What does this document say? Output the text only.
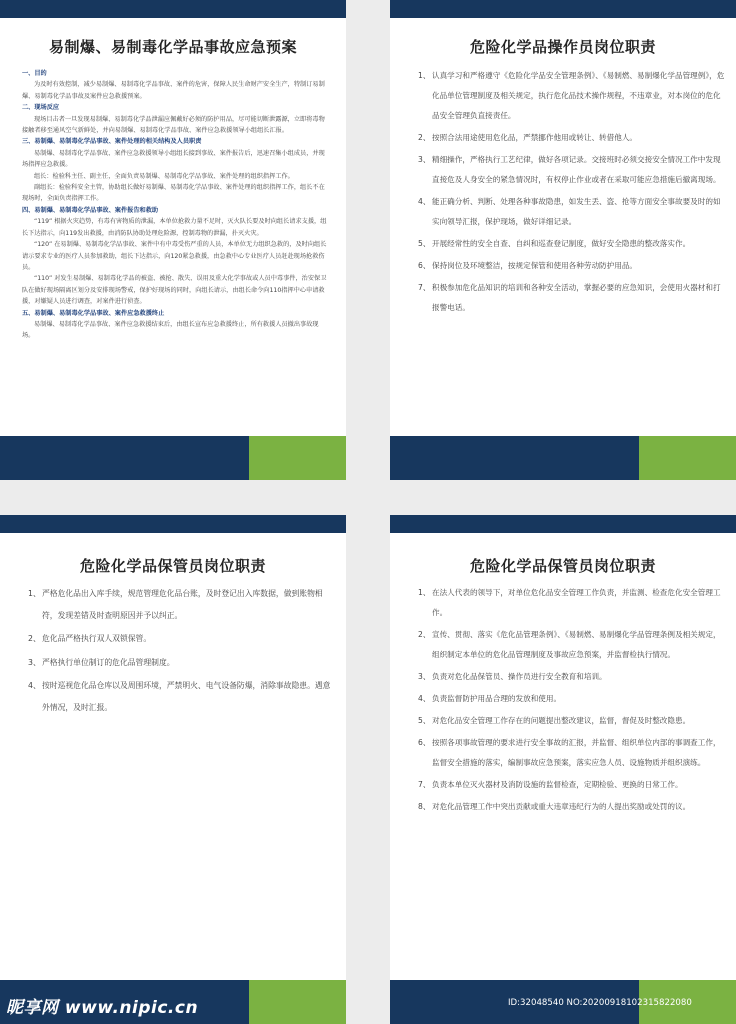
易制爆、易制毒化学品事故应急预案
一、目的
为及时有效控制，减少易制爆、易制毒化学品事故、案件的危害，保障人民生命财产安全生产，特制订易制爆、易制毒化学品事故及案件应急救援预案。
二、现场反应
现场目击者一旦发现易制爆、易制毒化学品泄漏应佩戴好必须的防护用品，尽可能切断泄露源，立即将毒物接触者移至通风空气新鲜处，并向易制爆、易制毒化学品事故、案件应急救援领导小组组长汇报。
三、易制爆、易制毒化学品事故、案件处理的相关结构及人员职责
易制爆、易制毒化学品事故、案件应急救援领导小组组长接到事故、案件报告后，迅速召集小组成员，并现场指挥应急救援。
组长：检验科主任、副主任，全面负责易制爆、易制毒化学品事故、案件处理的组织指挥工作。
副组长：检验科安全主管，协助组长做好易制爆、易制毒化学品事故、案件处理的组织指挥工作，组长不在现场时，全面负责指挥工作。
四、易制爆、易制毒化学品事故、案件报告和救助
“119” 根据火灾趋势，有毒有害物质的泄漏，本单位抢救力量不足时，灭火队长要及时向组长请求支援，组长下达指示，向119发出救援，由消防队协助处理危险源，控制毒物的泄漏，扑灭火灾。
“120” 在易制爆、易制毒化学品事故、案件中有中毒受伤严重的人员，本单位无力组织急救的，及时向组长请示要求专业的医疗人员参加救助，组长下达指示，向120紧急救援，由急救中心专业医疗人员赶赴现场抢救伤员。
“110” 对发生易制爆、易制毒化学品的被盗、被抢、散失、误用及重大化学事故或人员中毒事件，治安保卫队在做好现场隔离区划分及安排现场警戒，保护好现场的同时，向组长请示，由组长命令向110指挥中心申请救援，对嫌疑人员进行调查，对案件进行侦查。
五、易制爆、易制毒化学品事故、案件应急救援终止
易制爆、易制毒化学品事故、案件应急救援结束后，由组长宣布应急救援终止，所有救援人员撤出事故现场。
危险化学品操作员岗位职责
1、 认真学习和严格遵守《危险化学品安全管理条例》、《易制燃、易制爆化学品管理例》，危化品单位管理制度及相关规定，执行危化品技术操作规程，不违章业，对本岗位的危化品安全管理负直接责任。
2、 按照合法用途使用危化品，严禁挪作他用或转让、转借他人。
3、 精细操作，严格执行工艺纪律，做好各项记录。交接班时必须交接安全情况工作中发现直接危及人身安全的紧急情况时，有权停止作业或者在采取可能应急措施后撤离现场。
4、 能正确分析、判断、处理各种事故隐患，如发生丢、盗、抢等方面安全事故要及时的如实向领导汇报，保护现场，做好详细记录。
5、 开展经常性的安全自查、自纠和巡查登记制度，做好安全隐患的整改落实作。
6、 保持岗位及环境整洁，按规定保管和使用各种劳动防护用品。
7、 积极参加危化品知识的培训和各种安全活动，掌握必要的应急知识，会使用火器材和打报警电话。
危险化学品保管员岗位职责
1、 严格危化品出入库手续，规范管理危化品台账，及时登记出入库数据，做到账物相符，发现差错及时查明原因并予以纠正。
2、 危化品严格执行双人双锁保管。
3、 严格执行单位制订的危化品管理制度。
4、 按时巡视危化品仓库以及周围环境，严禁明火、电气设备防爆，消除事故隐患。遇意外情况，及时汇报。
危险化学品保管员岗位职责
1、 在法人代表的领导下，对单位危化品安全管理工作负责，并监测、检查危化安全管理工作。
2、 宣传、贯彻、落实《危化品管理条例》、《易制燃、易制爆化学品管理条例及相关规定，组织制定本单位的危化品管理制度及事故应急预案，并监督检执行情况。
3、 负责对危化品保管员、操作员进行安全教育和培训。
4、 负责监督防护用品合理的发放和使用。
5、 对危化品安全管理工作存在的问题提出整改建议，监督，督促及时整改隐患。
6、 按照各项事故管理的要求进行安全事故的汇报，并监督、组织单位内部的事调查工作，监督安全措施的落实，编制事故应急预案，落实应急人员、设施物质并组织演练。
7、 负责本单位灭火器材及消防设施的监督检查，定期检验、更换的日常工作。
8、 对危化品管理工作中突出贡献或重大违章违纪行为的人提出奖励或处罚的议。
昵享网 www.nipic.cn	ID:32048540 NO:20200918102315822080
